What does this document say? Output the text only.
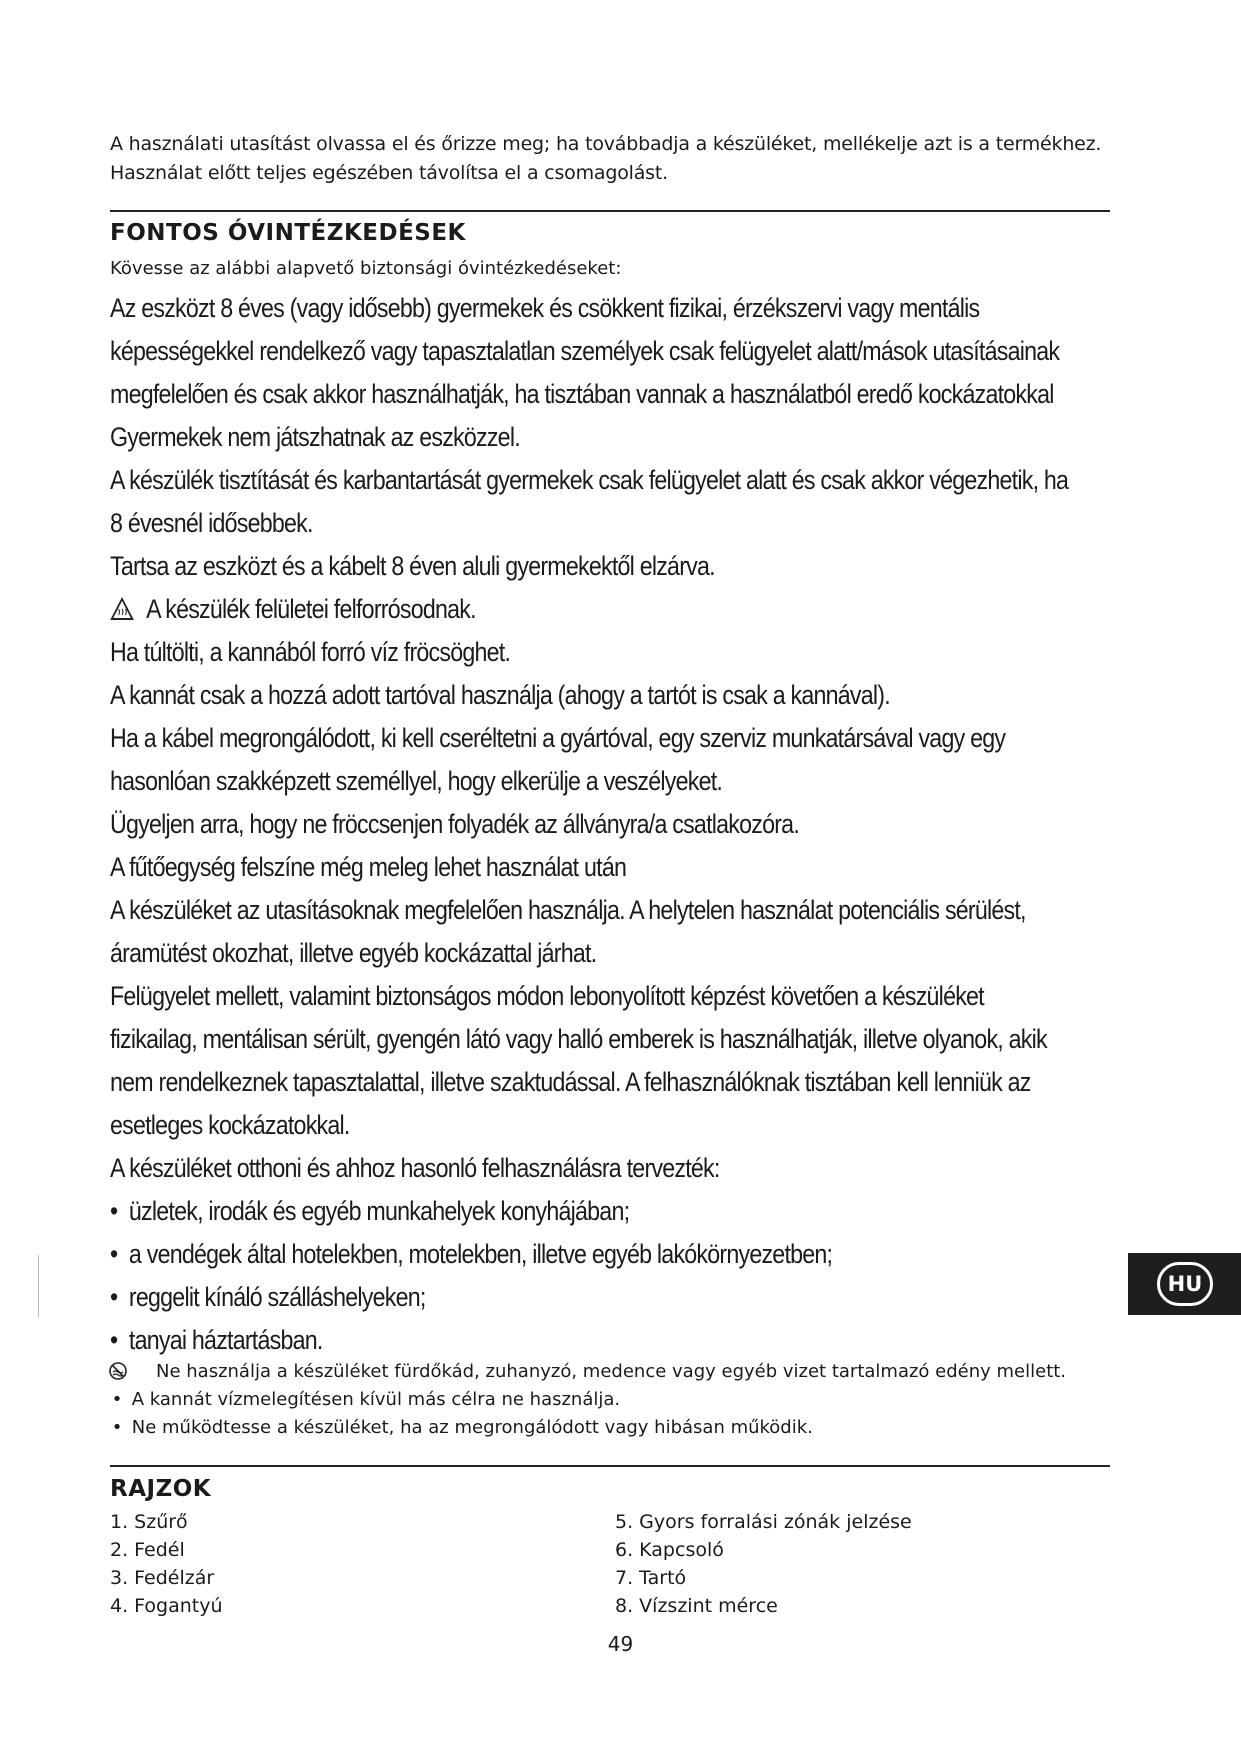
A használati utasítást olvassa el és őrizze meg; ha továbbadja a készüléket, mellékelje azt is a termékhez.
Használat előtt teljes egészében távolítsa el a csomagolást.
FONTOS ÓVINTÉZKEDÉSEK
Kövesse az alábbi alapvető biztonsági óvintézkedéseket:

Az eszközt 8 éves (vagy idősebb) gyermekek és csökkent fizikai, érzékszervi vagy mentális

képességekkel rendelkező vagy tapasztalatlan személyek csak felügyelet alatt/mások utasításainak

megfelelően és csak akkor használhatják, ha tisztában vannak a használatból eredő kockázatokkal

Gyermekek nem játszhatnak az eszközzel.

A készülék tisztítását és karbantartását gyermekek csak felügyelet alatt és csak akkor végezhetik, ha

8 évesnél idősebbek.

Tartsa az eszközt és a kábelt 8 éven aluli gyermekektől elzárva.

A készülék felületei felforrósodnak.

Ha túltölti, a kannából forró víz fröcsöghet.

A kannát csak a hozzá adott tartóval használja (ahogy a tartót is csak a kannával).

Ha a kábel megrongálódott, ki kell cseréltetni a gyártóval, egy szerviz munkatársával vagy egy

hasonlóan szakképzett személlyel, hogy elkerülje a veszélyeket.

Ügyeljen arra, hogy ne fröccsenjen folyadék az állványra/a csatlakozóra.

A fűtőegység felszíne még meleg lehet használat után

A készüléket az utasításoknak megfelelően használja. A helytelen használat potenciális sérülést,

áramütést okozhat, illetve egyéb kockázattal járhat.

Felügyelet mellett, valamint biztonságos módon lebonyolított képzést követően a készüléket

fizikailag, mentálisan sérült, gyengén látó vagy halló emberek is használhatják, illetve olyanok, akik

nem rendelkeznek tapasztalattal, illetve szaktudással. A felhasználóknak tisztában kell lenniük az

esetleges kockázatokkal.

A készüléket otthoni és ahhoz hasonló felhasználásra tervezték:

• üzletek, irodák és egyéb munkahelyek konyhájában;

• a vendégek által hotelekben, motelekben, illetve egyéb lakókörnyezetben;

• reggelit kínáló szálláshelyeken;

• tanyai háztartásban.

Ne használja a készüléket fürdőkád, zuhanyzó, medence vagy egyéb vizet tartalmazó edény mellett.
• A kannát vízmelegítésen kívül más célra ne használja.
• Ne működtesse a készüléket, ha az megrongálódott vagy hibásan működik.
RAJZOK
1. Szűrő
2. Fedél
3. Fedélzár
4. Fogantyú
5. Gyors forralási zónák jelzése
6. Kapcsoló
7. Tartó
8. Vízszint mérce
49
HU
